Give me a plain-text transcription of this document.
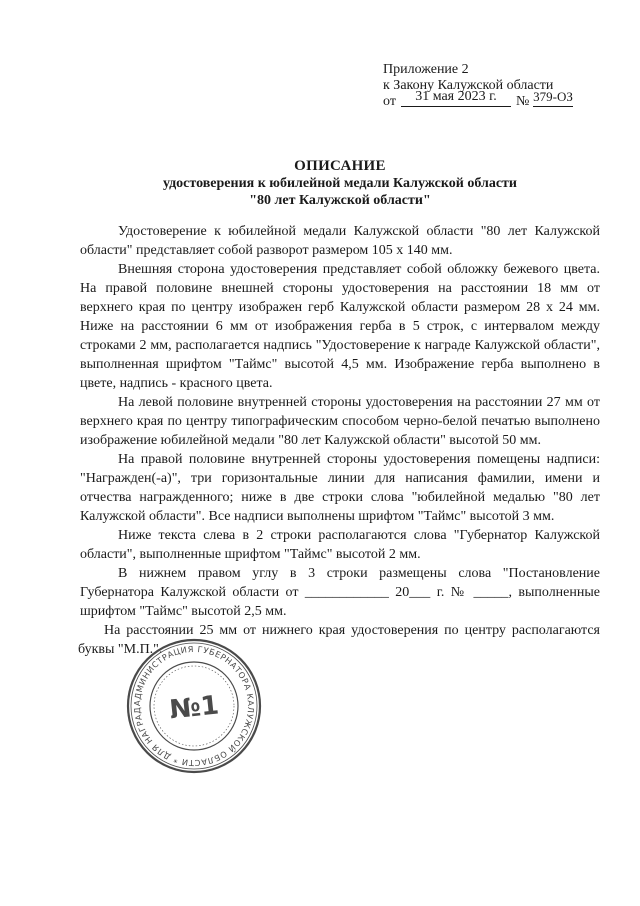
Приложение 2
к Закону Калужской области
от	31 мая 2023 г.	№ 379-ОЗ
ОПИСАНИЕ
удостоверения к юбилейной медали Калужской области
"80 лет Калужской области"

Удостоверение к юбилейной медали Калужской области "80 лет Калужской области" представляет собой разворот размером 105 х 140 мм.

Внешняя сторона удостоверения представляет собой обложку бежевого цвета. На правой половине внешней стороны удостоверения на расстоянии 18 мм от верхнего края по центру изображен герб Калужской области размером 28 х 24 мм. Ниже на расстоянии 6 мм от изображения герба в 5 строк, с интервалом между строками 2 мм, располагается надпись "Удостоверение к награде Калужской области", выполненная шрифтом "Таймс" высотой 4,5 мм. Изображение герба выполнено в цвете, надпись - красного цвета.

На левой половине внутренней стороны удостоверения на расстоянии 27 мм от верхнего края по центру типографическим способом черно-белой печатью выполнено изображение юбилейной медали "80 лет Калужской области" высотой 50 мм.

На правой половине внутренней стороны удостоверения помещены надписи: "Награжден(-а)", три горизонтальные линии для написания фамилии, имени и отчества награжденного; ниже в две строки слова "юбилейной медалью "80 лет Калужской области". Все надписи выполнены шрифтом "Таймс" высотой 3 мм.

Ниже текста слева в 2 строки располагаются слова "Губернатор Калужской области", выполненные шрифтом "Таймс" высотой 2 мм.

В нижнем правом углу в 3 строки размещены слова "Постановление Губернатора Калужской области от ____________ 20___ г. № _____, выполненные шрифтом "Таймс" высотой 2,5 мм.

На расстоянии 25 мм от нижнего края удостоверения по центру располагаются буквы "М.П.".

АДМИНИСТРАЦИЯ ГУБЕРНАТОРА КАЛУЖСКОЙ ОБЛАСТИ * ДЛЯ НАГРАД №1
